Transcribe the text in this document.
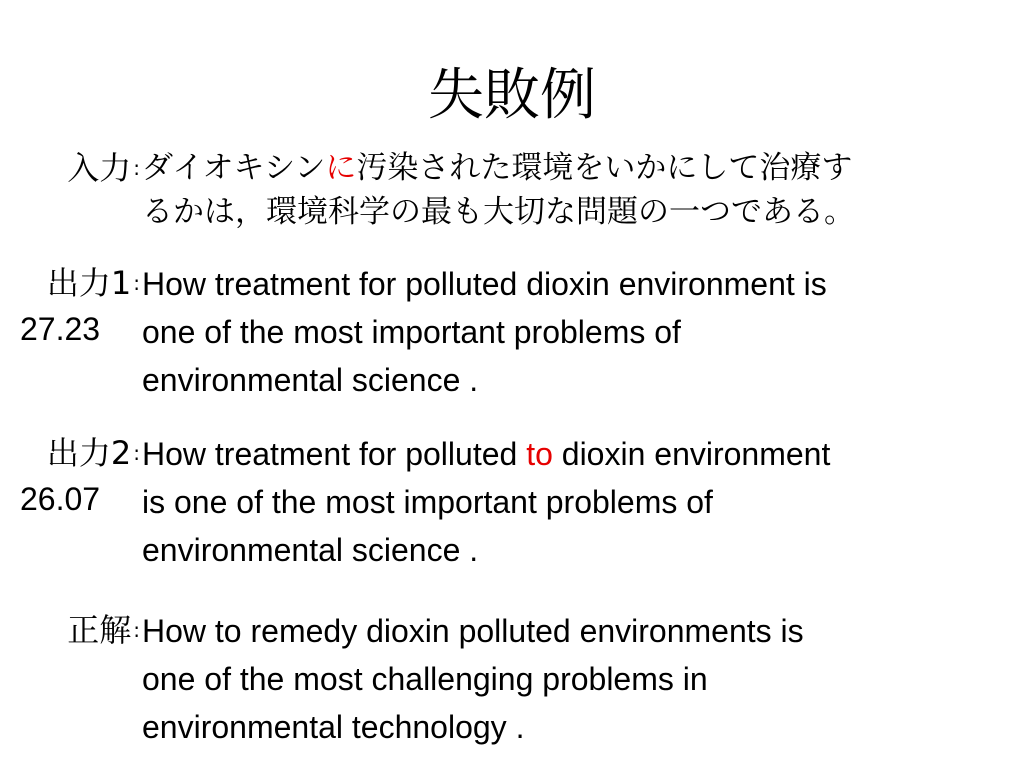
失敗例
入力 : ダイオキシンに汚染された環境をいかにして治療す
るかは，環境科学の最も大切な問題の一つである。
出力1 :
27.23
How treatment for polluted dioxin environment is
one of the most important problems of
environmental science .
出力2 :
26.07
How treatment for polluted to dioxin environment
is one of the most important problems of
environmental science .
正解 : How to remedy dioxin polluted environments is
one of the most challenging problems in
environmental technology .
